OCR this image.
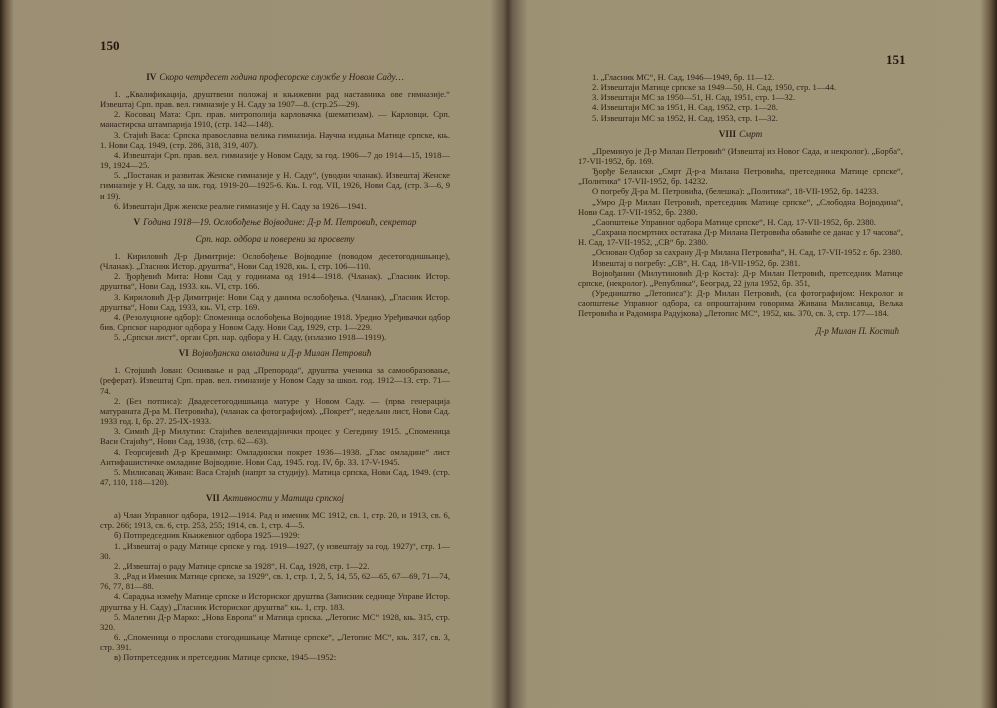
150
IV Скоро четрдесет година професорске службе у Новом Саду…

1. „Квалификација, друштвени положај и књижевни рад наставника ове гимназије.“ Извештај Срп. прав. вел. гимназије у Н. Саду за 1907—8. (стр.25—29).

2. Косовац Мата: Срп. прав. митрополија карловачка (шематизам). — Карловци. Срп. манастирска штампарија 1910, (стр. 142—148).

3. Стајић Васа: Српска православна велика гимназија. Научна издања Матице српске, књ. 1. Нови Сад. 1949, (стр. 286, 318, 319, 407).

4. Извештаји Срп. прав. вел. гимназије у Новом Саду, за год. 1906—7 до 1914—15, 1918—19, 1924—25.

5. „Постанак и развитак Женске гимназије у Н. Саду“, (уводни чланак). Извештај Женске гимназије у Н. Саду, за шк. год. 1919-20—1925-6. Књ. I. год. VII, 1926, Нови Сад, (стр. 3—6, 9 и 19).

6. Извештаји Држ женске реалне гимназије у Н. Саду за 1926—1941.

V Година 1918—19. Ослобођење Војводине: Д-р М. Петровић, секретар
Срп. нар. одбора и поверени за просвету

1. Кириловић Д-р Димитрије: Ослобођење Војводине (поводом десетогодишњице), (Чланак). „Гласник Истор. друштва“, Нови Сад 1928, књ. I, стр. 106—110.

2. Ђорђевић Мита: Нови Сад у годинама од 1914—1918. (Чланак). „Гласник Истор. друштва“, Нови Сад, 1933. књ. VI, стр. 166.

3. Кириловић Д-р Димитрије: Нови Сад у данима ослобођења. (Чланак), „Гласник Истор. друштва“, Нови Сад, 1933, књ. VI, стр. 169.

4. (Резолуционе одбор): Споменица ослобођења Војводине 1918. Уредио Уређивачки одбор бив. Српског народног одбора у Новом Саду. Нови Сад, 1929, стр. 1—229.

5. „Српски лист“, орган Срп. нар. одбора у Н. Саду, (излазио 1918—1919).

VI Војвођанска омладина и Д-р Милан Петровић

1. Стојшић Јован: Оснивање и рад „Препорода“, друштва ученика за самообразовање, (реферат). Извештај Срп. прав. вел. гимназије у Новом Саду за школ. год. 1912—13. стр. 71—74.

2. (Без потписа): Двадесетогодишњица матуре у Новом Саду. — (прва генерација матураната Д-ра М. Петровића), (чланак са фотографијом). „Покрет“, недељни лист, Нови Сад. 1933 год. I, бр. 27. 25-IX-1933.

3. Симић Д-р Милутин: Стајићев велеиздајнички процес у Сегедину 1915. „Споменица Васи Стајићу“, Нови Сад, 1938, (стр. 62—63).

4. Георгијевић Д-р Крешимир: Омладински покрет 1936—1938. „Глас омладине“ лист Антифашистичке омладине Војводине. Нови Сад, 1945. год. IV, бр. 33. 17-V-1945.

5. Милисавац Живан: Васа Стајић (напрт за студију). Матица српска, Нови Сад, 1949. (стр. 47, 110, 118—120).

VII Активности у Матици српској

а) Члан Управног одбора, 1912—1914. Рад и именик МС 1912, св. 1, стр. 20, и 1913, св. 6, стр. 266; 1913, св. 6, стр. 253, 255; 1914, св. 1, стр. 4—5.

б) Потпредседник Књижевног одбора 1925—1929:

1. „Извештај о раду Матице српске у год. 1919—1927, (у извештају за год. 1927)“, стр. 1—30.

2. „Извештај о раду Матице српске за 1928“, Н. Сад, 1928, стр. 1—22.

3. „Рад и Именик Матице српске, за 1929“, св. 1, стр. 1, 2, 5, 14, 55, 62—65, 67—69, 71—74, 76, 77, 81—88.

4. Сарадња између Матице српске и Историског друштва (Записник седнице Управе Истор. друштва у Н. Саду) „Гласник Историског друштва“ књ. 1, стр. 183.

5. Малетин Д-р Марко: „Нова Европа“ и Матица српска. „Летопис МС“ 1928, књ. 315, стр. 320.

6. „Споменица о прослави стогодишњице Матице српске“, „Летопис МС“, књ. 317, св. 3, стр. 391.

в) Потпретседник и претседник Матице српске, 1945—1952:

151

1. „Гласник МС“, Н. Сад, 1946—1949, бр. 11—12.

2. Извештаји Матице српске за 1949—50, Н. Сад, 1950, стр. 1—44.

3. Извештаји МС за 1950—51, Н. Сад, 1951, стр. 1—32.

4. Извештаји МС за 1951, Н. Сад, 1952, стр. 1—28.

5. Извештаји МС за 1952, Н. Сад, 1953, стр. 1—32.

VIII Смрт

„Преминуо је Д-р Милан Петровић“ (Извештај из Новог Сада, и некролог). „Борба“, 17-VII-1952, бр. 169.

Ђорђе Белански „Смрт Д-р-а Милана Петровића, претседника Матице српске“, „Политика“ 17-VII-1952, бр. 14232.

О погребу Д-ра М. Петровића, (белешка): „Политика“, 18-VII-1952, бр. 14233.

„Умро Д-р Милан Петровић, претседник Матице српске“, „Слободна Војводина“, Нови Сад. 17-VII-1952, бр. 2380.

„Саопштење Управног одбора Матице српске“, Н. Сад. 17-VII-1952, бр. 2380.

„Сахрана посмртних остатака Д-р Милана Петровића обавиће се данас у 17 часова“, Н. Сад, 17-VII-1952, „СВ“ бр. 2380.

„Основан Одбор за сахрану Д-р Милана Петровића“, Н. Сад, 17-VII-1952 г. бр. 2380.

Извештај о погребу: „СВ“, Н. Сад. 18-VII-1952, бр. 2381.

Војвођанин (Милутиновић Д-р Коста): Д-р Милан Петровић, претседник Матице српске, (некролог). „Република“, Београд, 22 јула 1952, бр. 351,

(Уредништво „Летописа“): Д-р Милан Петровић, (са фотографијом: Некролог и саопштење Управног одбора, са опроштајним говорима Живана Милисавца, Вељка Петровића и Радомира Радујкова) „Летопис МС“, 1952, књ. 370, св. 3, стр. 177—184.

Д-р Милан П. Костић
